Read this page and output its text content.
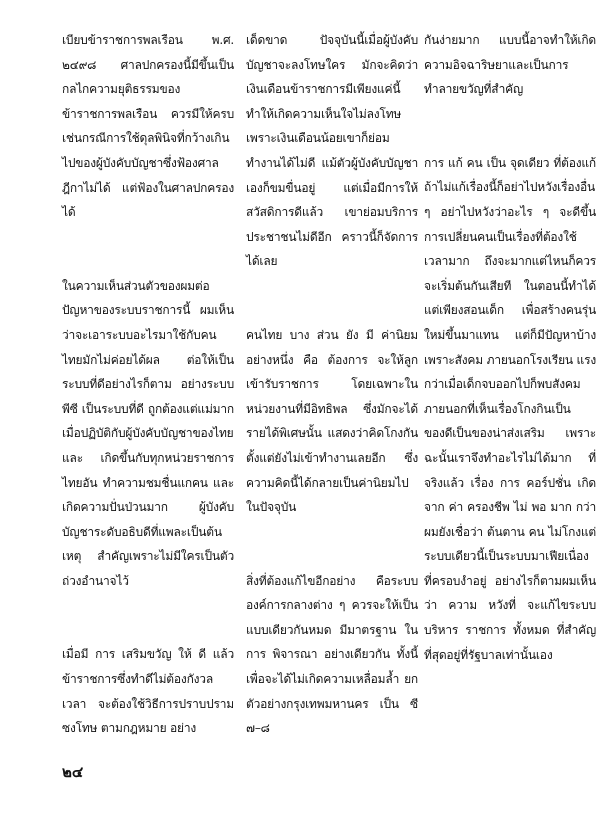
เบียบข้าราชการพลเรือน พ.ศ. ๒๔๙๘ ศาลปกครองนี้มีขึ้นเป็นกลไกความยุติธรรมของข้าราชการพลเรือน ควรมีให้ครบ เช่นกรณีการใช้ดุลพินิจที่กว้างเกินไปของผู้บังคับบัญชาซึ่งฟ้องศาลฎีกาไม่ได้ แต่ฟ้องในศาลปกครองได้

ในความเห็นส่วนตัวของผมต่อปัญหาของระบบราชการนี้ ผมเห็นว่าจะเอาระบบอะไรมาใช้กับคนไทยมักไม่ค่อยได้ผล ต่อให้เป็นระบบที่ดีอย่างไรก็ตาม อย่างระบบพีซี เป็นระบบที่ดี ถูกต้องแต่แม่มาก เมื่อปฏิบัติกับผู้บังคับบัญชาของไทย และ เกิดขึ้นกับทุกหน่วยราชการไทยอัน ทำความชมชื่นแกคน และเกิดความปั่นป่วนมาก ผู้บังคับบัญชาระดับอธิบดีที่แพละเป็นต้นเหตุ สำคัญเพราะไม่มีใครเป็นตัวถ่วงอำนาจไว้

เมื่อมี การ เสริมขวัญ ให้ ดี แล้ว ข้าราชการซึ่งทำดีไม่ต้องกังวลเวลา จะต้องใช้วิธีการปราบปรามซงโทษ ตามกฎหมาย อย่าง

เด็ดขาด ปัจจุบันนี้เมื่อผู้บังคับบัญชาจะลงโทษใคร มักจะคิดว่าเงินเดือนข้าราชการมีเพียงแค่นี้ทำให้เกิดความเห็นใจไม่ลงโทษเพราะเงินเดือนน้อยเขาก็ย่อมทำงานได้ไม่ดี แม้ตัวผู้บังคับบัญชาเองก็ขมขื่นอยู่ แต่เมื่อมีการให้สวัสดิการดีแล้ว เขาย่อมบริการประชาชนไม่ดีอีก คราวนี้ก็จัดการได้เลย

คนไทย บาง ส่วน ยัง มี ค่านิยมอย่างหนึ่ง คือ ต้องการ จะให้ลูก เข้ารับราชการ โดยเฉพาะในหน่วยงานที่มีอิทธิพล ซึ่งมักจะได้รายได้พิเศษนั้น แสดงว่าคิดโกงกัน ตั้งแต่ยังไม่เข้าทำงานเลยอีก ซึ่งความคิดนี้ได้กลายเป็นค่านิยมไปในปัจจุบัน

สิ่งที่ต้องแก้ไขอีกอย่าง คือระบบองค์การกลางต่าง ๆ ควรจะให้เป็นแบบเดียวกันหมด มีมาตรฐาน ในการ พิจารณา อย่างเดียวกัน ทั้งนี้เพื่อจะได้ไม่เกิดความเหลื่อมล้ำ ยกตัวอย่างกรุงเทพมหานคร เป็น ซี ๗–๘

กันง่ายมาก แบบนี้อาจทำให้เกิดความอิจฉาริษยาและเป็นการทำลายขวัญที่สำคัญ

การ แก้ คน เป็น จุดเดียว ที่ต้องแก้ ถ้าไม่แก้เรื่องนี้ก็อย่าไปหวังเรื่องอื่น ๆ อย่าไปหวังว่าอะไร ๆ จะดีขึ้น การเปลี่ยนคนเป็นเรื่องที่ต้องใช้เวลามาก ถึงจะมากแต่ไหนก็ควรจะเริ่มต้นกันเสียที ในตอนนี้ทำได้แต่เพียงสอนเด็ก เพื่อสร้างคนรุ่นใหม่ขึ้นมาแทน แต่ก็มีปัญหาบ้าง เพราะสังคม ภายนอกโรงเรียน แรงกว่าเมื่อเด็กจบออกไปก็พบสังคมภายนอกที่เห็นเรื่องโกงกินเป็นของดีเป็นของน่าส่งเสริม เพราะฉะนั้นเราจึงทำอะไรไม่ได้มาก ที่จริงแล้ว เรื่อง การ คอร์ปชั่น เกิดจาก ค่า ครองชีพ ไม่ พอ มาก กว่าผมยังเชื่อว่า ต้นตาน คน ไม่โกงแต่ระบบเดียวนี้เป็นระบบมาเฟียเนื่องที่ครอบงำอยู่ อย่างไรก็ตามผมเห็นว่า ความ หวังที่ จะแก้ไขระบบ บริหาร ราชการ ทั้งหมด ที่สำคัญที่สุดอยู่ที่รัฐบาลเท่านั้นเอง

๒๔
